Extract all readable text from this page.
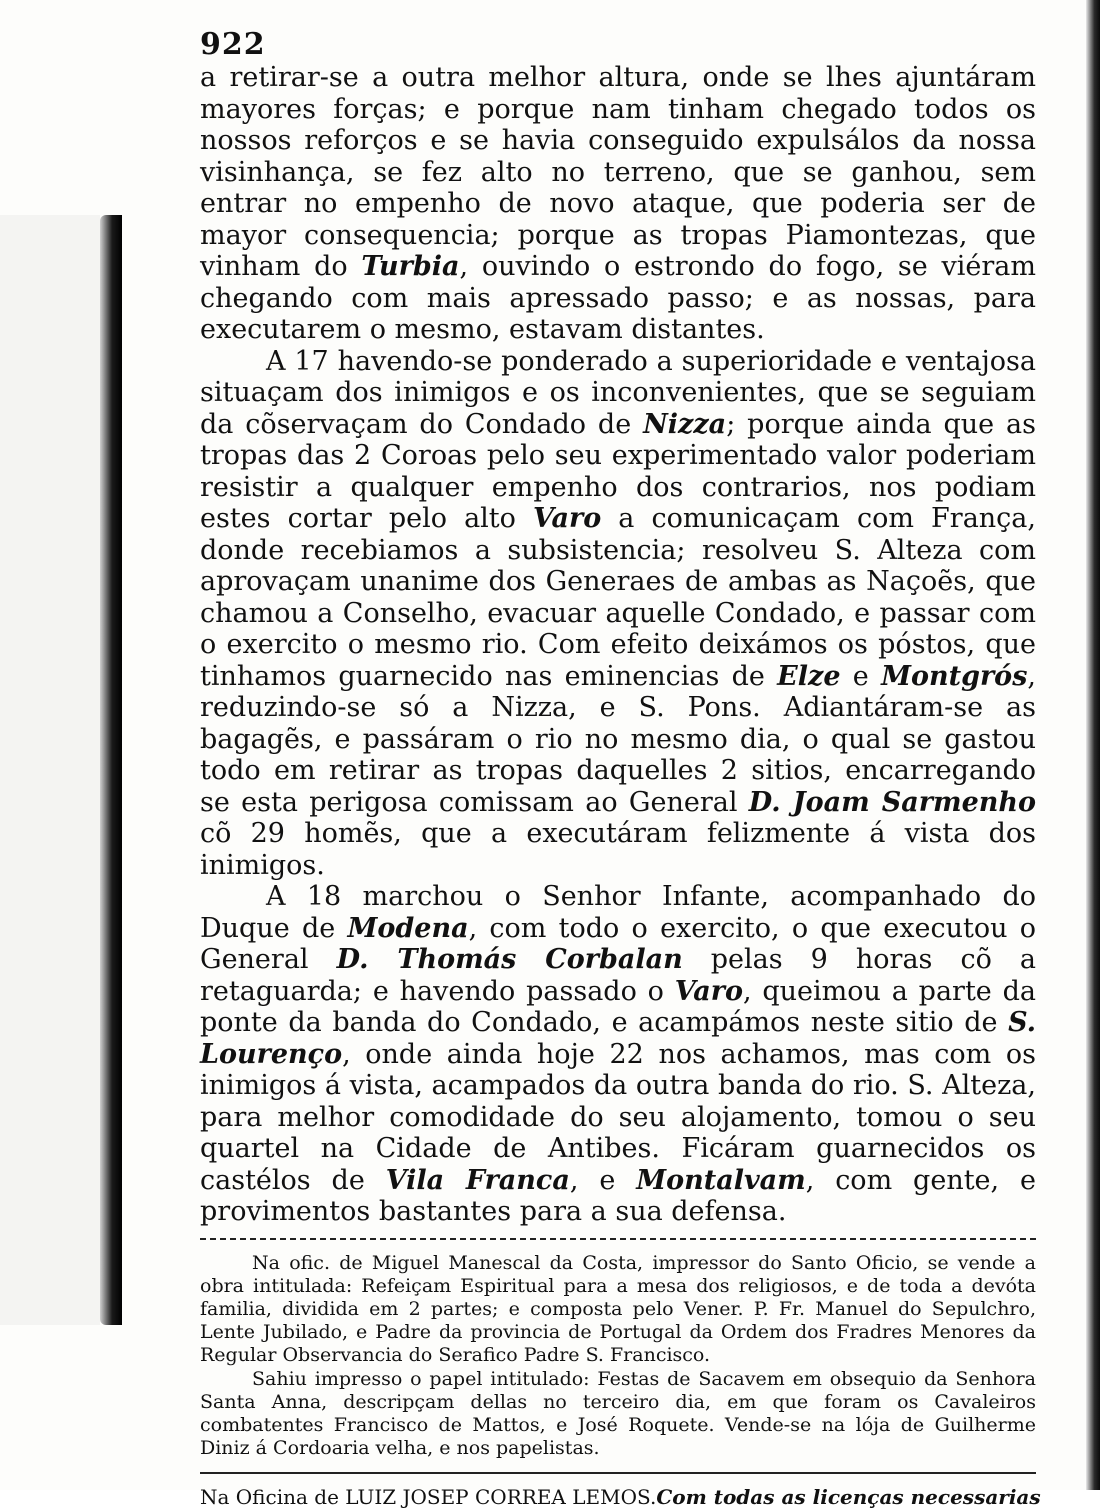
922

a retirar-se a outra melhor altura, onde se lhes ajuntáram mayores forças; e porque nam tinham chegado todos os nossos reforços e se havia conseguido expulsálos da nossa visinhança, se fez alto no terreno, que se ganhou, sem entrar no empenho de novo ataque, que poderia ser de mayor consequencia; porque as tropas Piamontezas, que vinham do Turbia, ouvindo o estrondo do fogo, se viéram chegando com mais apressado passo; e as nossas, para executarem o mesmo, estavam distantes.

A 17 havendo-se ponderado a superioridade e ventajosa situaçam dos inimigos e os inconvenientes, que se seguiam da cõservaçam do Condado de Nizza; porque ainda que as tropas das 2 Coroas pelo seu experimentado valor poderiam resistir a qualquer empenho dos contrarios, nos podiam estes cortar pelo alto Varo a comunicaçam com França, donde recebiamos a subsistencia; resolveu S. Alteza com aprovaçam unanime dos Generaes de ambas as Naçoẽs, que chamou a Conselho, evacuar aquelle Condado, e passar com o exercito o mesmo rio. Com efeito deixámos os póstos, que tinhamos guarnecido nas eminencias de Elze e Montgrós, reduzindo-se só a Nizza, e S. Pons. Adiantáram-se as bagagẽs, e passáram o rio no mesmo dia, o qual se gastou todo em retirar as tropas daquelles 2 sitios, encarregando se esta perigosa comissam ao General D. Joam Sarmenho cõ 29 homẽs, que a executáram felizmente á vista dos inimigos.

A 18 marchou o Senhor Infante, acompanhado do Duque de Modena, com todo o exercito, o que executou o General D. Thomás Corbalan pelas 9 horas cõ a retaguarda; e havendo passado o Varo, queimou a parte da ponte da banda do Condado, e acampámos neste sitio de S. Lourenço, onde ainda hoje 22 nos achamos, mas com os inimigos á vista, acampados da outra banda do rio. S. Alteza, para melhor comodidade do seu alojamento, tomou o seu quartel na Cidade de Antibes. Ficáram guarnecidos os castélos de Vila Franca, e Montalvam, com gente, e provimentos bastantes para a sua defensa.

Na ofic. de Miguel Manescal da Costa, impressor do Santo Oficio, se vende a obra intitulada: Refeiçam Espiritual para a mesa dos religiosos, e de toda a devóta familia, dividida em 2 partes; e composta pelo Vener. P. Fr. Manuel do Sepulchro, Lente Jubilado, e Padre da provincia de Portugal da Ordem dos Fradres Menores da Regular Observancia do Serafico Padre S. Francisco.

Sahiu impresso o papel intitulado: Festas de Sacavem em obsequio da Senhora Santa Anna, descripçam dellas no terceiro dia, em que foram os Cavaleiros combatentes Francisco de Mattos, e José Roquete. Vende-se na lója de Guilherme Diniz á Cordoaria velha, e nos papelistas.

Na Oficina de LUIZ JOSEP CORREA LEMOS. Com todas as licenças necessarias
